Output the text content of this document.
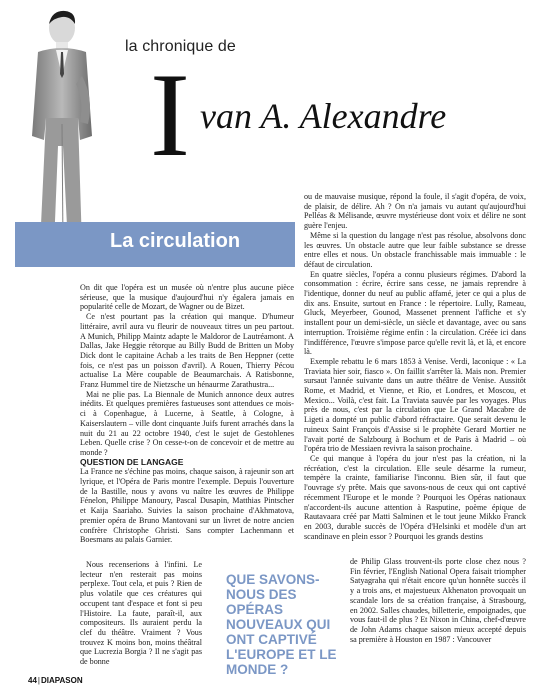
la chronique de
I van A. Alexandre
La circulation

On dit que l'opéra est un musée où n'entre plus aucune pièce sérieuse, que la musique d'aujourd'hui n'y égalera jamais en popularité celle de Mozart, de Wagner ou de Bizet.

Ce n'est pourtant pas la création qui manque. D'humeur littéraire, avril aura vu fleurir de nouveaux titres un peu partout. A Munich, Philipp Maintz adapte le Maldoror de Lautréamont. A Dallas, Jake Heggie rétorque au Billy Budd de Britten un Moby Dick dont le capitaine Achab a les traits de Ben Heppner (cette fois, ce n'est pas un poisson d'avril). A Rouen, Thierry Pécou actualise La Mère coupable de Beaumarchais. A Ratisbonne, Franz Hummel tire de Nietzsche un hénaurme Zarathustra...

Mai ne plie pas. La Biennale de Munich annonce deux autres inédits. Et quelques premières fastueuses sont attendues ce mois-ci à Copenhague, à Lucerne, à Seattle, à Cologne, à Kaiserslautern – ville dont cinquante Juifs furent arrachés dans la nuit du 21 au 22 octobre 1940, c'est le sujet de Gestohlenes Leben. Quelle crise ? On cesse-t-on de concevoir et de mettre au monde ?

QUESTION DE LANGAGE

La France ne s'échine pas moins, chaque saison, à rajeunir son art lyrique, et l'Opéra de Paris montre l'exemple. Depuis l'ouverture de la Bastille, nous y avons vu naître les œuvres de Philippe Fénelon, Philippe Manoury, Pascal Dusapin, Matthias Pintscher et Kaija Saariaho. Suivies la saison prochaine d'Akhmatova, premier opéra de Bruno Mantovani sur un livret de notre ancien confrère Christophe Ghristi. Sans compter Lachenmann et Boesmans au palais Garnier.

Nous recenserions à l'infini. Le lecteur n'en resterait pas moins perplexe. Tout cela, et puis ? Rien de plus volatile que ces créatures qui occupent tant d'espace et font si peu l'Histoire. La faute, paraît-il, aux compositeurs. Ils auraient perdu la clef du théâtre. Vraiment ? Vous trouvez K moins bon, moins théâtral que Lucrezia Borgia ? Il ne s'agit pas de bonne

ou de mauvaise musique, répond la foule, il s'agit d'opéra, de voix, de plaisir, de délire. Ah ? On n'a jamais vu autant qu'aujourd'hui Pelléas & Mélisande, œuvre mystérieuse dont voix et délire ne sont guère l'enjeu.

Même si la question du langage n'est pas résolue, absolvons donc les œuvres. Un obstacle autre que leur faible substance se dresse entre elles et nous. Un obstacle franchissable mais immuable : le défaut de circulation.

En quatre siècles, l'opéra a connu plusieurs régimes. D'abord la consommation : écrire, écrire sans cesse, ne jamais reprendre à l'identique, donner du neuf au public affamé, jeter ce qui a plus de dix ans. Ensuite, surtout en France : le répertoire. Lully, Rameau, Gluck, Meyerbeer, Gounod, Massenet prennent l'affiche et s'y installent pour un demi-siècle, un siècle et davantage, avec ou sans interruption. Troisième régime enfin : la circulation. Créée ici dans l'indifférence, l'œuvre s'impose parce qu'elle revit là, et là, et encore là.

Exemple rebattu le 6 mars 1853 à Venise. Verdi, laconique : « La Traviata hier soir, fiasco ». On faillit s'arrêter là. Mais non. Premier sursaut l'année suivante dans un autre théâtre de Venise. Aussitôt Rome, et Madrid, et Vienne, et Rio, et Londres, et Moscou, et Mexico... Voilà, c'est fait. La Traviata sauvée par les voyages. Plus près de nous, c'est par la circulation que Le Grand Macabre de Ligeti a dompté un public d'abord réfractaire. Que serait devenu le ruineux Saint François d'Assise si le prophète Gerard Mortier ne l'avait porté de Salzbourg à Bochum et de Paris à Madrid – où l'opéra trio de Messiaen revivra la saison prochaine.

Ce qui manque à l'opéra du jour n'est pas la création, ni la récréation, c'est la circulation. Elle seule désarme la rumeur, tempère la crainte, familiarise l'inconnu. Bien sûr, il faut que l'ouvrage s'y prête. Mais que savons-nous de ceux qui ont captivé récemment l'Europe et le monde ? Pourquoi les Opéras nationaux n'accordent-ils aucune attention à Rasputine, poème épique de Rautavaara créé par Matti Salminen et le tout jeune Mikko Franck en 2003, durable succès de l'Opéra d'Helsinki et modèle d'un art scandinave en plein essor ? Pourquoi les grands destins

de Philip Glass trouvent-ils porte close chez nous ? Fin février, l'English National Opera faisait triompher Satyagraha qui n'était encore qu'un honnête succès il y a trois ans, et majestueux Akhenaton provoquait un scandale lors de sa création française, à Strasbourg, en 2002. Salles chaudes, billetterie, empoignades, que vous faut-il de plus ? Et Nixon in China, chef-d'œuvre de John Adams chaque saison mieux accepté depuis sa première à Houston en 1987 : Vancouver

QUE SAVONS-NOUS DES OPÉRAS NOUVEAUX QUI ONT CAPTIVÉ L'EUROPE ET LE MONDE ?
44|DIAPASON
